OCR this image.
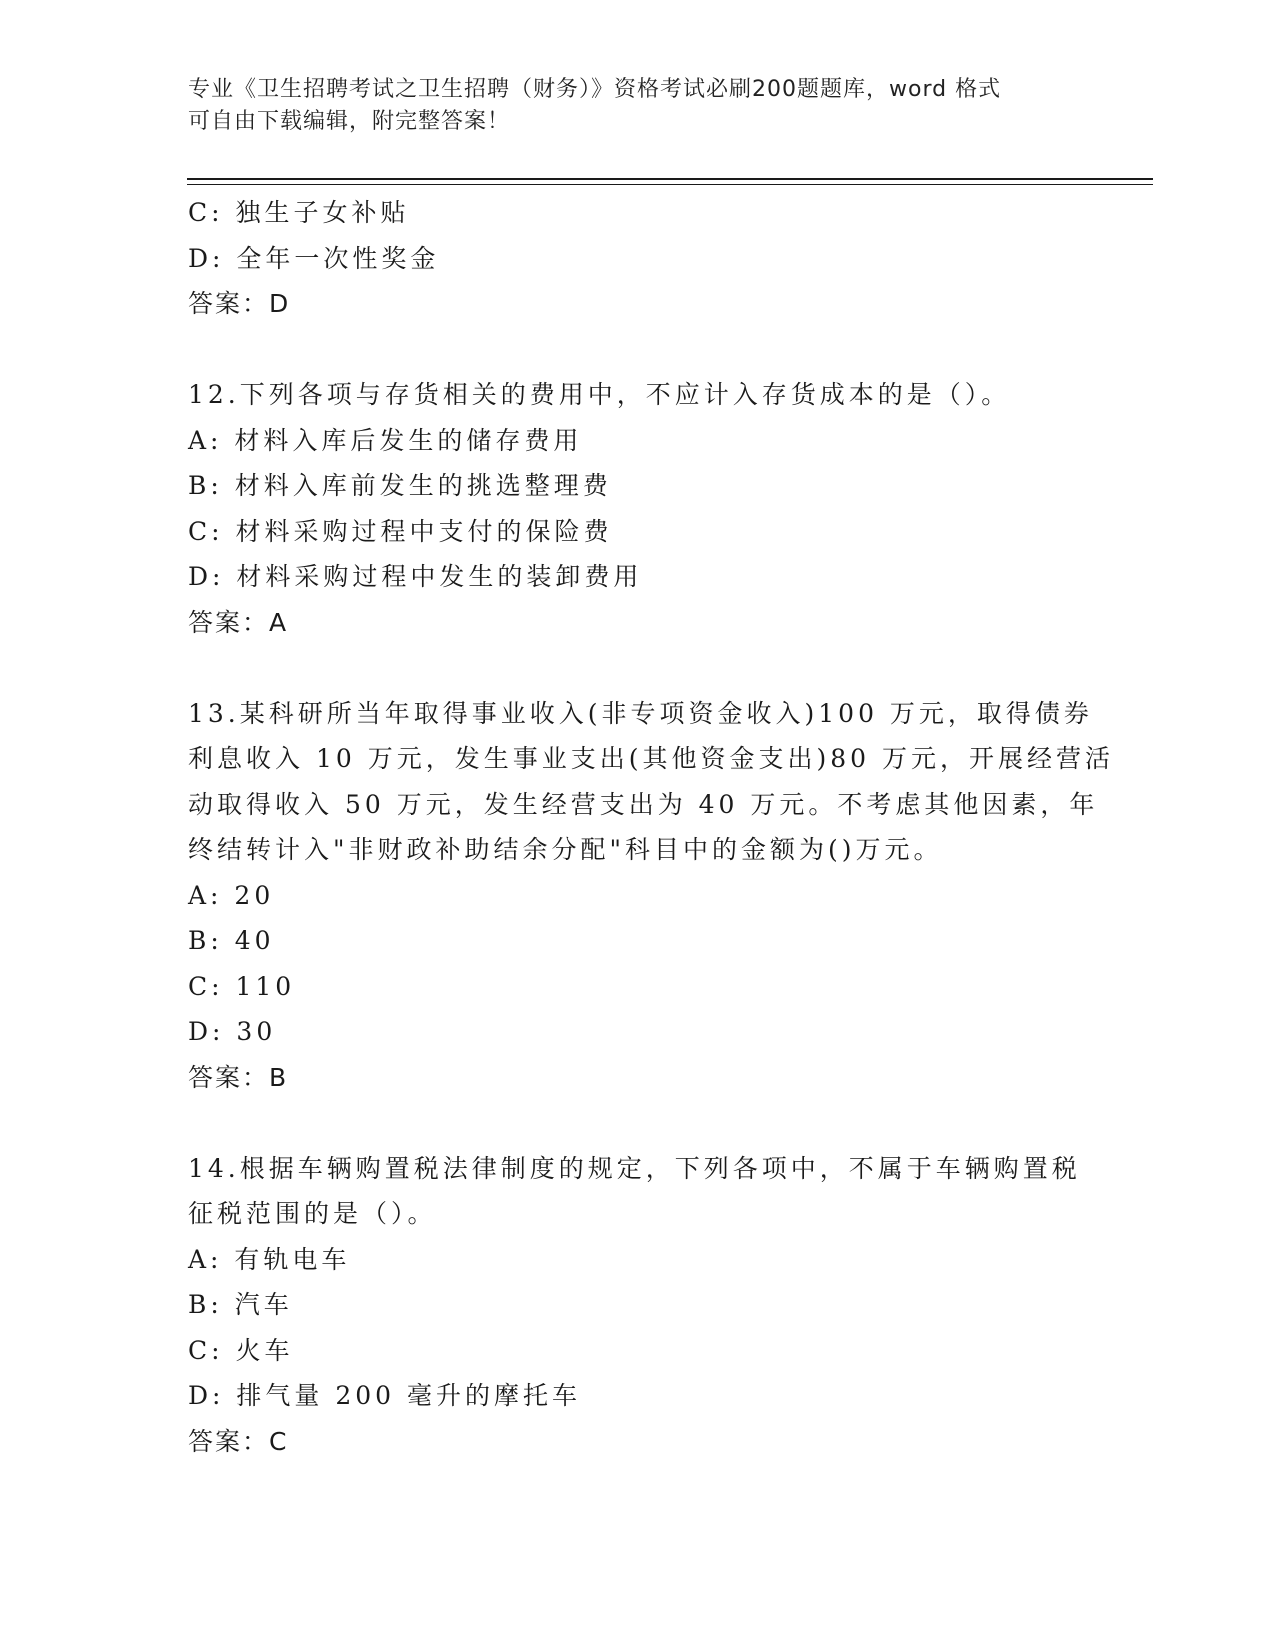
专业《卫生招聘考试之卫生招聘（财务）》资格考试必刷200题题库，word 格式
可自由下载编辑，附完整答案！
C: 独生子女补贴
D: 全年一次性奖金
答案：D
12.下列各项与存货相关的费用中，不应计入存货成本的是（）。
A: 材料入库后发生的储存费用
B: 材料入库前发生的挑选整理费
C: 材料采购过程中支付的保险费
D: 材料采购过程中发生的装卸费用
答案：A
13.某科研所当年取得事业收入(非专项资金收入)100 万元，取得债券
利息收入 10 万元，发生事业支出(其他资金支出)80 万元，开展经营活
动取得收入 50 万元，发生经营支出为 40 万元。不考虑其他因素，年
终结转计入"非财政补助结余分配"科目中的金额为()万元。
A: 20
B: 40
C: 110
D: 30
答案：B
14.根据车辆购置税法律制度的规定，下列各项中，不属于车辆购置税
征税范围的是（）。
A: 有轨电车
B: 汽车
C: 火车
D: 排气量 200 毫升的摩托车
答案：C
